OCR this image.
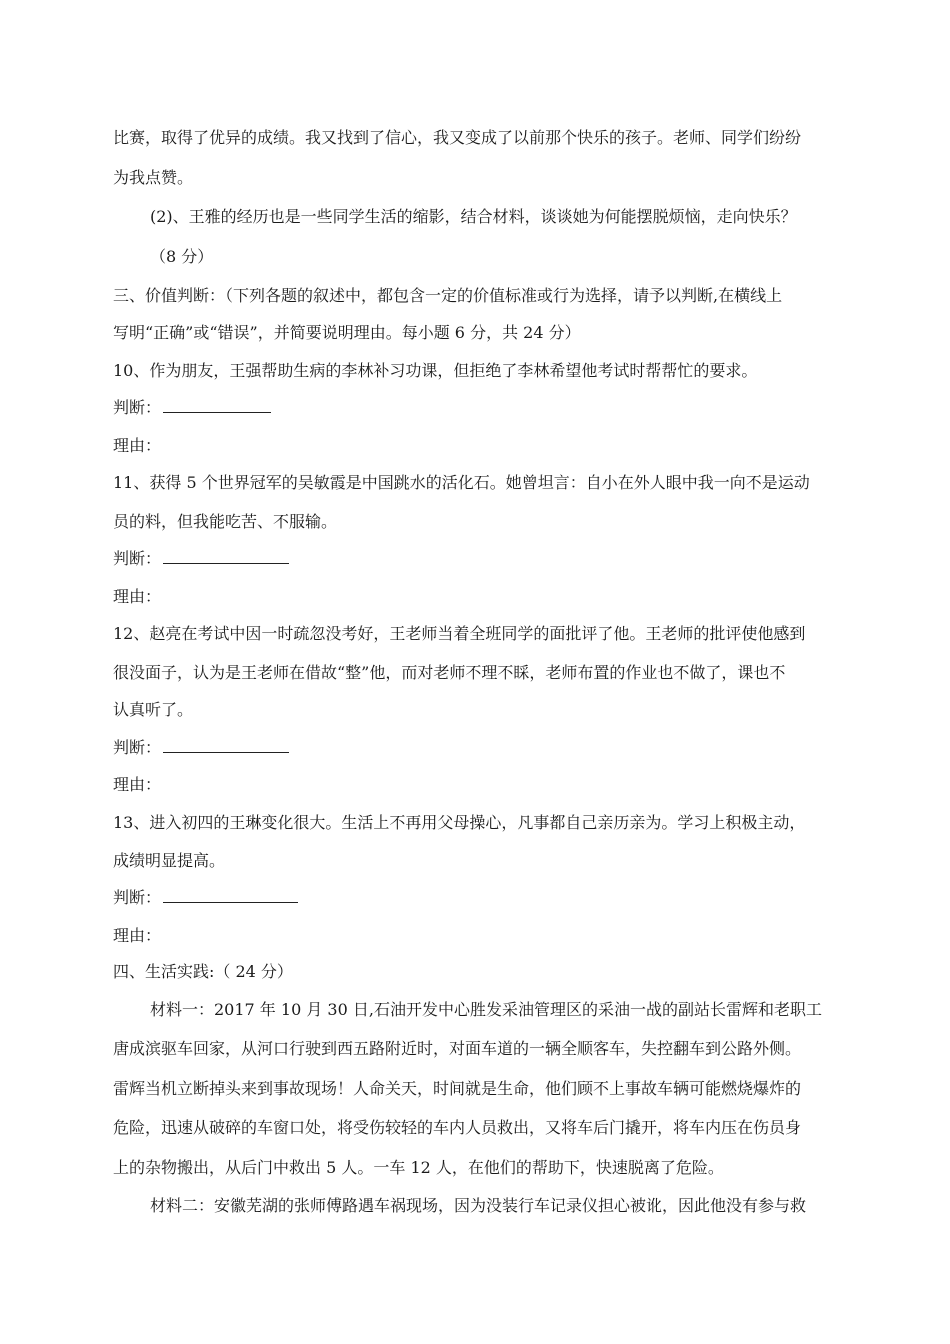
比赛，取得了优异的成绩。我又找到了信心，我又变成了以前那个快乐的孩子。老师、同学们纷纷
为我点赞。
(2)、王雅的经历也是一些同学生活的缩影，结合材料，谈谈她为何能摆脱烦恼，走向快乐？
（8 分）
三、价值判断：（下列各题的叙述中，都包含一定的价值标准或行为选择，请予以判断,在横线上
写明“正确”或“错误”，并简要说明理由。每小题 6 分，共 24 分）
10、作为朋友，王强帮助生病的李林补习功课，但拒绝了李林希望他考试时帮帮忙的要求。
判断：
理由：
11、获得 5 个世界冠军的吴敏霞是中国跳水的活化石。她曾坦言：自小在外人眼中我一向不是运动
员的料，但我能吃苦、不服输。
判断：
理由：
12、赵亮在考试中因一时疏忽没考好，王老师当着全班同学的面批评了他。王老师的批评使他感到
很没面子，认为是王老师在借故“整”他，而对老师不理不睬，老师布置的作业也不做了，课也不
认真听了。
判断：
理由：
13、进入初四的王琳变化很大。生活上不再用父母操心，凡事都自己亲历亲为。学习上积极主动，
成绩明显提高。
判断：
理由：
四、生活实践:（ 24 分）
材料一：2017 年 10 月 30 日,石油开发中心胜发采油管理区的采油一战的副站长雷辉和老职工
唐成滨驱车回家，从河口行驶到西五路附近时，对面车道的一辆全顺客车，失控翻车到公路外侧。
雷辉当机立断掉头来到事故现场！人命关天，时间就是生命，他们顾不上事故车辆可能燃烧爆炸的
危险，迅速从破碎的车窗口处，将受伤较轻的车内人员救出，又将车后门撬开，将车内压在伤员身
上的杂物搬出，从后门中救出 5 人。一车 12 人，在他们的帮助下，快速脱离了危险。
材料二：安徽芜湖的张师傅路遇车祸现场，因为没装行车记录仪担心被讹，因此他没有参与救
